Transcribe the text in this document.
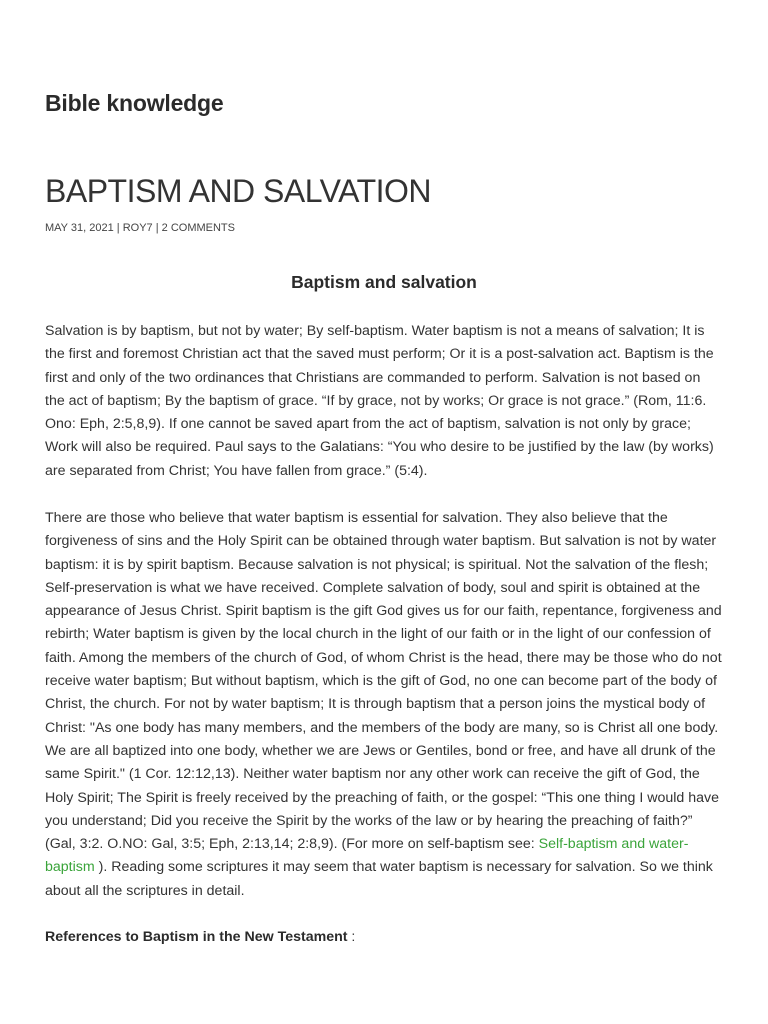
Bible knowledge
BAPTISM AND SALVATION
MAY 31, 2021 | ROY7 | 2 COMMENTS
Baptism and salvation

Salvation is by baptism, but not by water; By self-baptism. Water baptism is not a means of salvation; It is the first and foremost Christian act that the saved must perform; Or it is a post-salvation act. Baptism is the first and only of the two ordinances that Christians are commanded to perform. Salvation is not based on the act of baptism; By the baptism of grace. “If by grace, not by works; Or grace is not grace.” (Rom, 11:6. Ono: Eph, 2:5,8,9). If one cannot be saved apart from the act of baptism, salvation is not only by grace; Work will also be required. Paul says to the Galatians: “You who desire to be justified by the law (by works) are separated from Christ; You have fallen from grace.” (5:4).

There are those who believe that water baptism is essential for salvation. They also believe that the forgiveness of sins and the Holy Spirit can be obtained through water baptism. But salvation is not by water baptism: it is by spirit baptism. Because salvation is not physical; is spiritual. Not the salvation of the flesh; Self-preservation is what we have received. Complete salvation of body, soul and spirit is obtained at the appearance of Jesus Christ. Spirit baptism is the gift God gives us for our faith, repentance, forgiveness and rebirth; Water baptism is given by the local church in the light of our faith or in the light of our confession of faith. Among the members of the church of God, of whom Christ is the head, there may be those who do not receive water baptism; But without baptism, which is the gift of God, no one can become part of the body of Christ, the church. For not by water baptism; It is through baptism that a person joins the mystical body of Christ: "As one body has many members, and the members of the body are many, so is Christ all one body. We are all baptized into one body, whether we are Jews or Gentiles, bond or free, and have all drunk of the same Spirit." (1 Cor. 12:12,13). Neither water baptism nor any other work can receive the gift of God, the Holy Spirit; The Spirit is freely received by the preaching of faith, or the gospel: “This one thing I would have you understand; Did you receive the Spirit by the works of the law or by hearing the preaching of faith?” (Gal, 3:2. O.NO: Gal, 3:5; Eph, 2:13,14; 2:8,9). (For more on self-baptism see: Self-baptism and water-baptism ). Reading some scriptures it may seem that water baptism is necessary for salvation. So we think about all the scriptures in detail.

References to Baptism in the New Testament :
